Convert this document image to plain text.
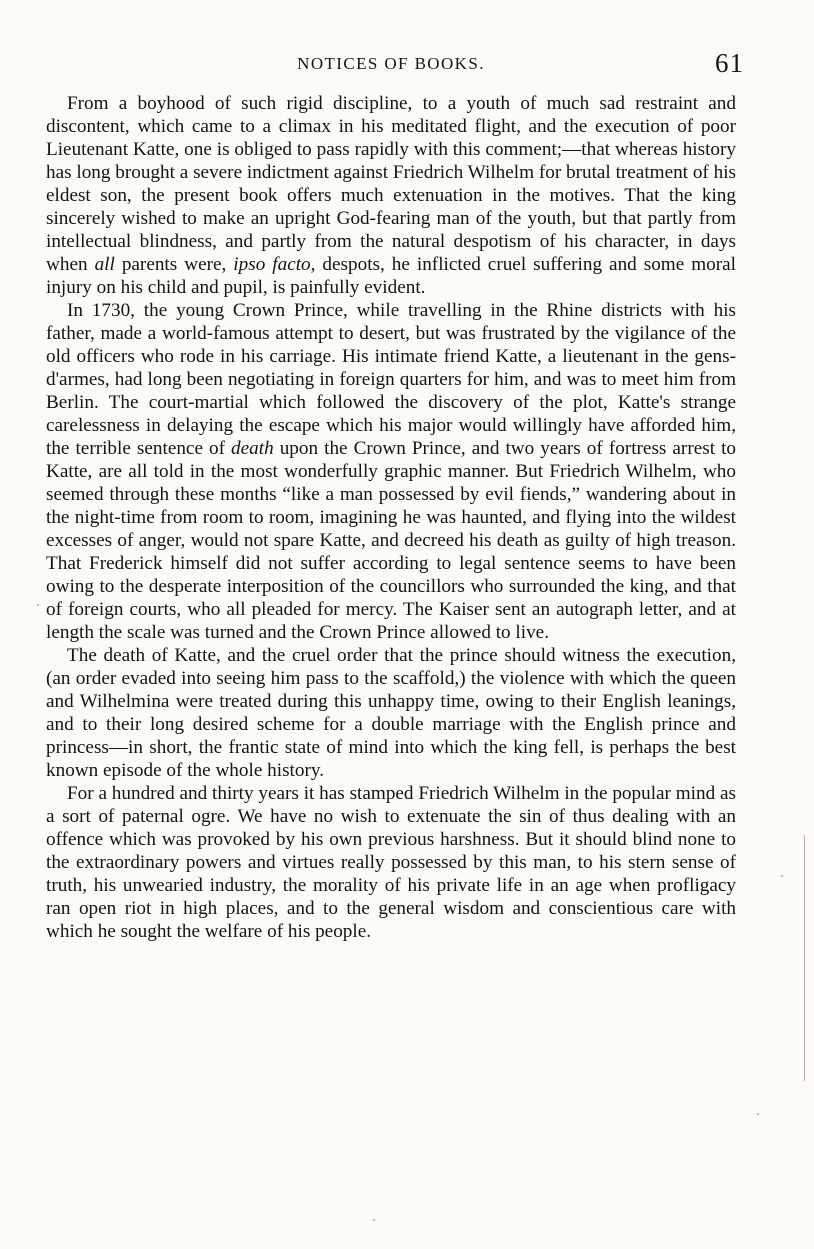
NOTICES OF BOOKS.	61

From a boyhood of such rigid discipline, to a youth of much sad restraint and discontent, which came to a climax in his meditated flight, and the execution of poor Lieutenant Katte, one is obliged to pass rapidly with this comment;—that whereas history has long brought a severe indictment against Friedrich Wilhelm for brutal treatment of his eldest son, the present book offers much extenuation in the motives. That the king sincerely wished to make an upright God-fearing man of the youth, but that partly from intellectual blindness, and partly from the natural despotism of his character, in days when all parents were, ipso facto, despots, he inflicted cruel suffering and some moral injury on his child and pupil, is painfully evident.

In 1730, the young Crown Prince, while travelling in the Rhine districts with his father, made a world-famous attempt to desert, but was frustrated by the vigilance of the old officers who rode in his carriage. His intimate friend Katte, a lieutenant in the gens-d'armes, had long been negotiating in foreign quarters for him, and was to meet him from Berlin. The court-martial which followed the discovery of the plot, Katte's strange carelessness in delaying the escape which his major would willingly have afforded him, the terrible sentence of death upon the Crown Prince, and two years of fortress arrest to Katte, are all told in the most wonderfully graphic manner. But Friedrich Wilhelm, who seemed through these months “like a man possessed by evil fiends,” wandering about in the night-time from room to room, imagining he was haunted, and flying into the wildest excesses of anger, would not spare Katte, and decreed his death as guilty of high treason. That Frederick himself did not suffer according to legal sentence seems to have been owing to the desperate interposition of the councillors who surrounded the king, and that of foreign courts, who all pleaded for mercy. The Kaiser sent an autograph letter, and at length the scale was turned and the Crown Prince allowed to live.

The death of Katte, and the cruel order that the prince should witness the execution, (an order evaded into seeing him pass to the scaffold,) the violence with which the queen and Wilhelmina were treated during this unhappy time, owing to their English leanings, and to their long desired scheme for a double marriage with the English prince and princess—in short, the frantic state of mind into which the king fell, is perhaps the best known episode of the whole history.

For a hundred and thirty years it has stamped Friedrich Wilhelm in the popular mind as a sort of paternal ogre. We have no wish to extenuate the sin of thus dealing with an offence which was provoked by his own previous harshness. But it should blind none to the extraordinary powers and virtues really possessed by this man, to his stern sense of truth, his unwearied industry, the morality of his private life in an age when profligacy ran open riot in high places, and to the general wisdom and conscientious care with which he sought the welfare of his people.
